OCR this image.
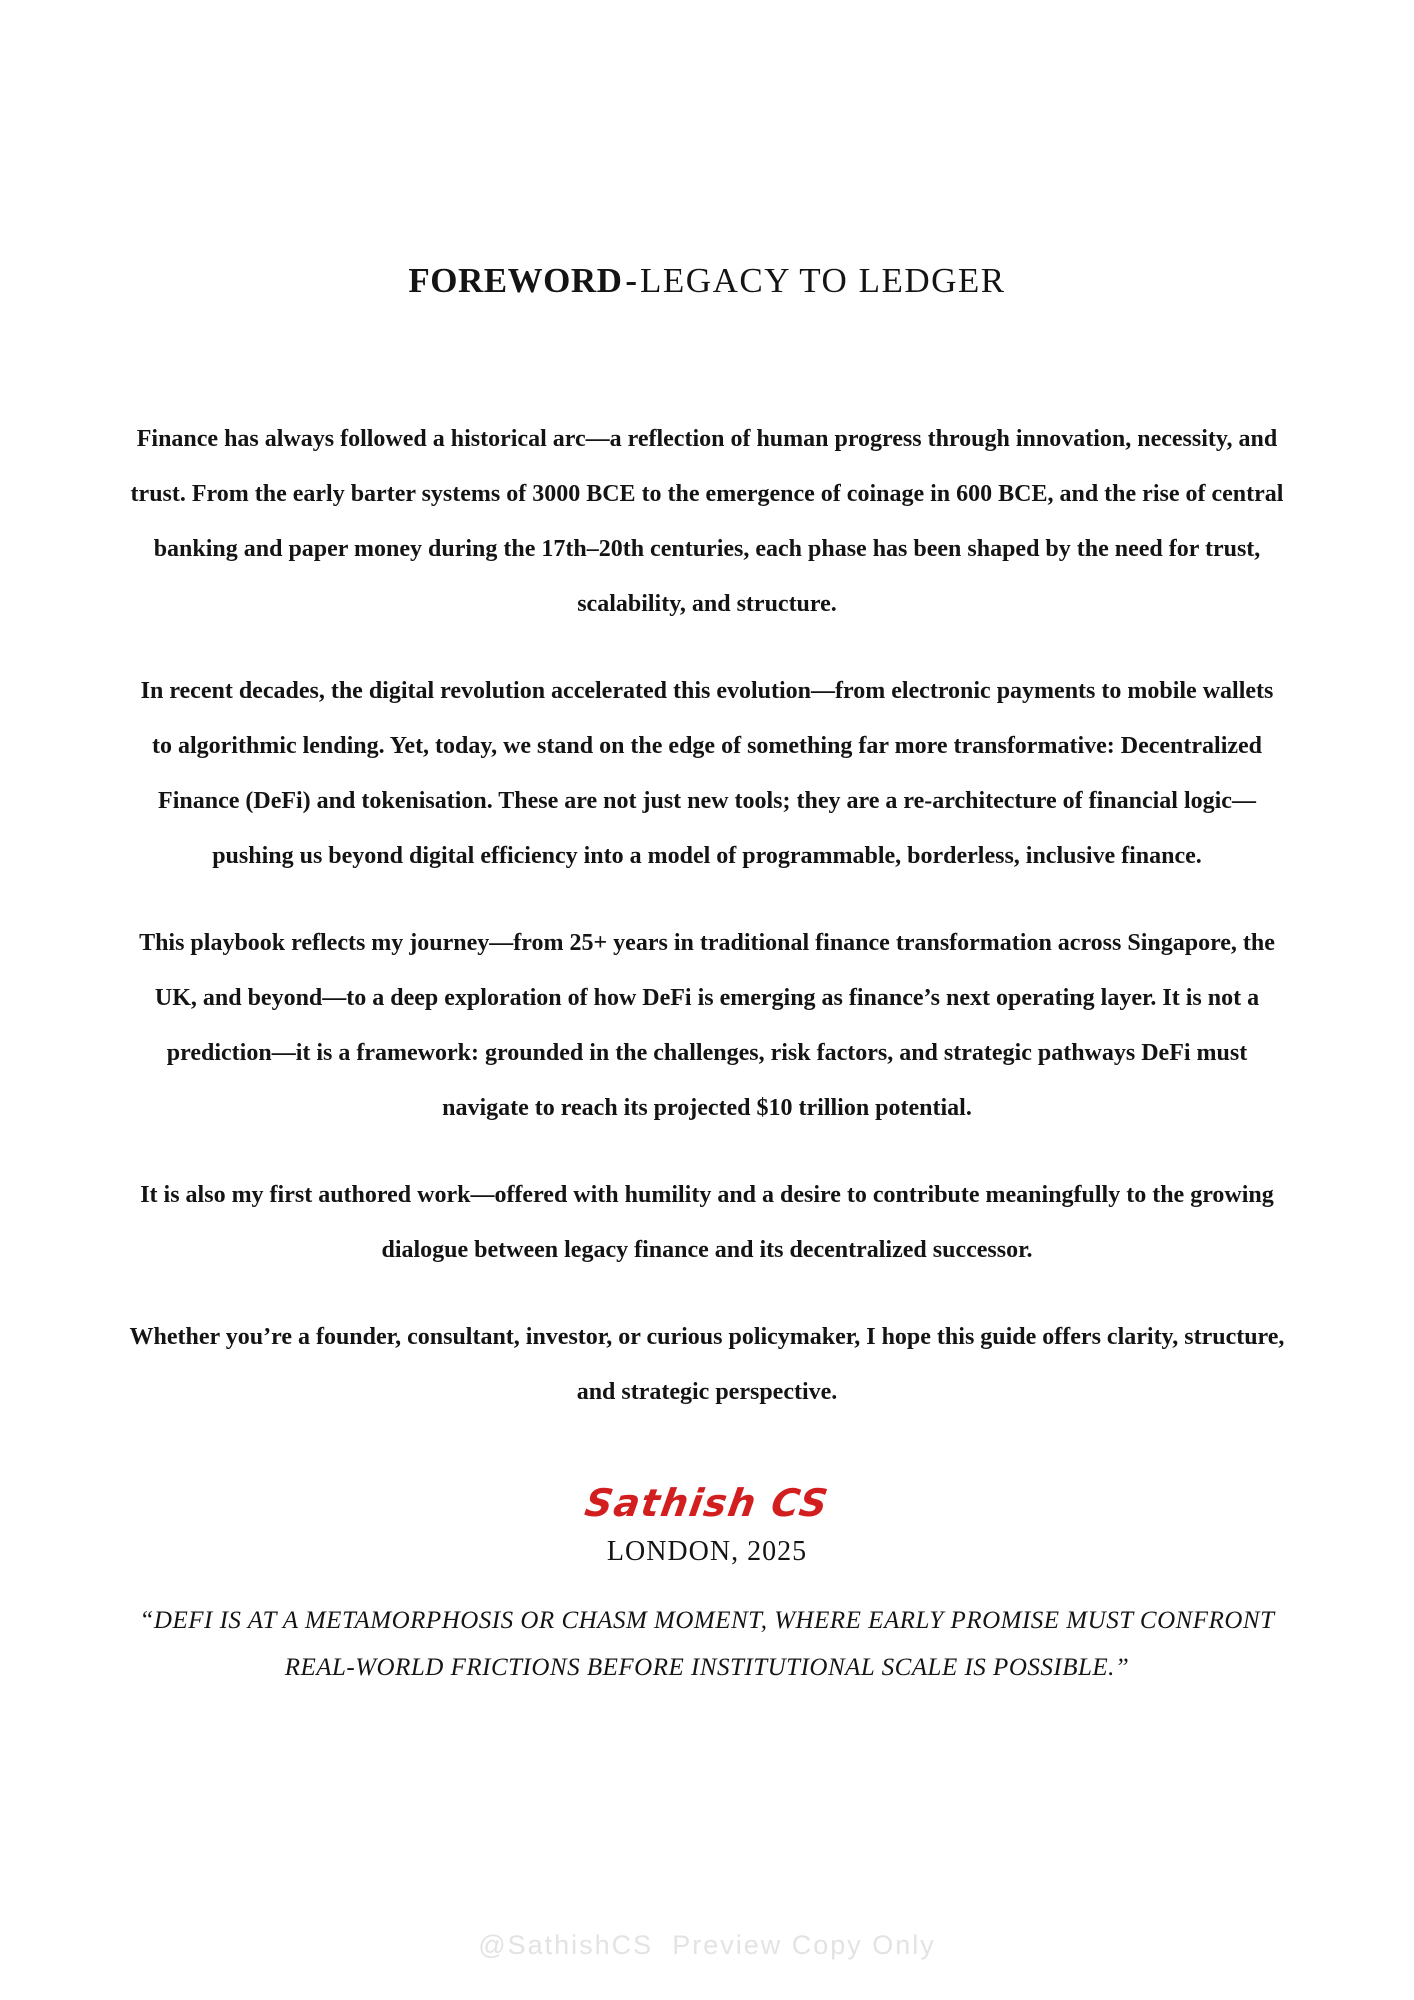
FOREWORD-LEGACY TO LEDGER

Finance has always followed a historical arc—a reflection of human progress through innovation, necessity, and trust. From the early barter systems of 3000 BCE to the emergence of coinage in 600 BCE, and the rise of central banking and paper money during the 17th–20th centuries, each phase has been shaped by the need for trust, scalability, and structure.

In recent decades, the digital revolution accelerated this evolution—from electronic payments to mobile wallets to algorithmic lending. Yet, today, we stand on the edge of something far more transformative: Decentralized Finance (DeFi) and tokenisation. These are not just new tools; they are a re-architecture of financial logic—pushing us beyond digital efficiency into a model of programmable, borderless, inclusive finance.

This playbook reflects my journey—from 25+ years in traditional finance transformation across Singapore, the UK, and beyond—to a deep exploration of how DeFi is emerging as finance’s next operating layer. It is not a prediction—it is a framework: grounded in the challenges, risk factors, and strategic pathways DeFi must navigate to reach its projected $10 trillion potential.

It is also my first authored work—offered with humility and a desire to contribute meaningfully to the growing dialogue between legacy finance and its decentralized successor.

Whether you’re a founder, consultant, investor, or curious policymaker, I hope this guide offers clarity, structure, and strategic perspective.

Sathish CS
LONDON, 2025

“DEFI IS AT A METAMORPHOSIS OR CHASM MOMENT, WHERE EARLY PROMISE MUST CONFRONT REAL-WORLD FRICTIONS BEFORE INSTITUTIONAL SCALE IS POSSIBLE.”

@SathishCS  Preview Copy Only
